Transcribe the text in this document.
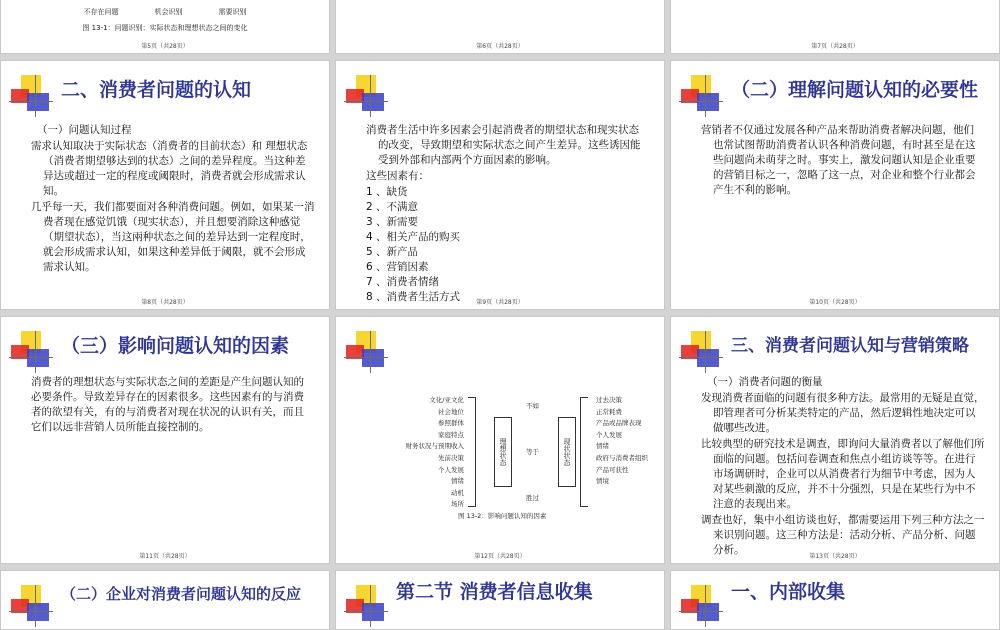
不存在问题	机会识别	需要识别
图 13-1：问题识别：实际状态和理想状态之间的变化
第5页（共28页）	第6页（共28页）	第7页（共28页）
二、消费者问题的认知

（一）问题认知过程

需求认知取决于实际状态（消费者的目前状态）和 理想状态（消费者期望够达到的状态）之间的差异程度。当这种差异达或超过一定的程度或阈限时，消费者就会形成需求认知。

几乎每一天，我们都要面对各种消费问题。例如，如果某一消费者现在感觉饥饿（现实状态），并且想要消除这种感觉（期望状态），当这兩种状态之间的差异达到一定程度时，就会形成需求认知，如果这种差异低于阈限，就不会形成需求认知。

第8页（共28页）

消费者生活中许多因素会引起消费者的期望状态和现实状态的改变，导致期望和实际状态之间产生差异。这些诱因能受到外部和内部两个方面因素的影响。

这些因素有：

1 、缺货
2 、不满意
3 、新需要
4 、相关产品的购买
5 、新产品
6 、营销因素
7 、消费者情绪
8 、消费者生活方式	第9页（共28页）
（二）理解问题认知的必要性

营销者不仅通过发展各种产品来帮助消费者解决问题，他们也常试图帮助消费者认识各种消费问题，有时甚至是在这些问题尚未萌芽之时。事实上，激发问题认知是企业重要的营销目标之一，忽略了这一点，对企业和整个行业都会产生不利的影响。

第10页（共28页）
（三）影响问题认知的因素

消费者的理想状态与实际状态之间的差距是产生问题认知的必要条件。导致差异存在的因素很多。这些因素有的与消费者的欲望有关，有的与消费者对现在状况的认识有关，而且它们以远非营销人员所能直接控制的。

第11页（共28页）
文化/亚文化
社会地位
参照群体
家庭特点
财务状况与预期收入
先前决策
个人发展
情绪
动机
场所
理想状态
不如
等于
胜过
现状状态
过去决策
正常耗费
产品或品牌表现
个人发展
情绪
政府与消费者组织
产品可获性
情境
图 13-2：影响问题认知的因素
第12页（共28页）
三、消费者问题认知与营销策略

（一）消费者问题的衡量

发现消费者面临的问题有很多种方法。最常用的无疑是直觉，即管理者可分析某类特定的产品，然后逻辑性地决定可以做哪些改进。

比较典型的研究技术是调查，即询问大量消费者以了解他们所面临的问题。包括问卷调查和焦点小组访谈等等。在进行市场调研时，企业可以从消费者行为细节中考虑，因为人对某些刺激的反应，并不十分强烈，只是在某些行为中不注意的表现出来。

调查也好，集中小组访谈也好，都需要运用下列三种方法之一来识别问题。这三种方法是：活动分析、产品分析、问题分析。

第13页（共28页）
（二）企业对消费者问题认知的反应	第二节 消费者信息收集	一、内部收集
